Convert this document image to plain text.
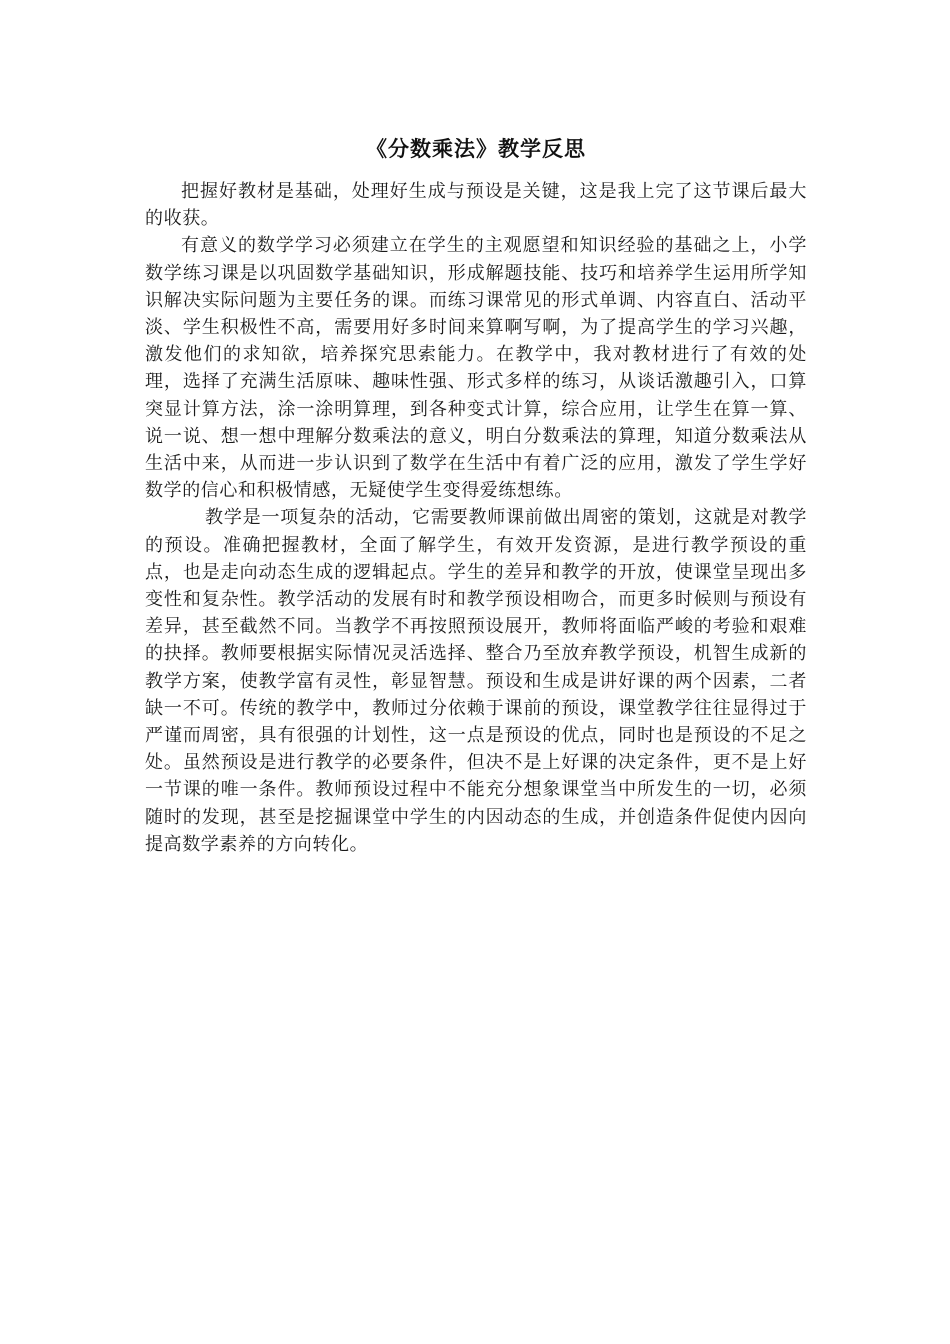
《分数乘法》教学反思

把握好教材是基础，处理好生成与预设是关键，这是我上完了这节课后最大的收获。

有意义的数学学习必须建立在学生的主观愿望和知识经验的基础之上，小学数学练习课是以巩固数学基础知识，形成解题技能、技巧和培养学生运用所学知识解决实际问题为主要任务的课。而练习课常见的形式单调、内容直白、活动平淡、学生积极性不高，需要用好多时间来算啊写啊，为了提高学生的学习兴趣，激发他们的求知欲，培养探究思索能力。在教学中，我对教材进行了有效的处理，选择了充满生活原味、趣味性强、形式多样的练习，从谈话激趣引入，口算突显计算方法，涂一涂明算理，到各种变式计算，综合应用，让学生在算一算、说一说、想一想中理解分数乘法的意义，明白分数乘法的算理，知道分数乘法从生活中来，从而进一步认识到了数学在生活中有着广泛的应用，激发了学生学好数学的信心和积极情感，无疑使学生变得爱练想练。

教学是一项复杂的活动，它需要教师课前做出周密的策划，这就是对教学的预设。准确把握教材，全面了解学生，有效开发资源，是进行教学预设的重点，也是走向动态生成的逻辑起点。学生的差异和教学的开放，使课堂呈现出多变性和复杂性。教学活动的发展有时和教学预设相吻合，而更多时候则与预设有差异，甚至截然不同。当教学不再按照预设展开，教师将面临严峻的考验和艰难的抉择。教师要根据实际情况灵活选择、整合乃至放弃教学预设，机智生成新的教学方案，使教学富有灵性，彰显智慧。预设和生成是讲好课的两个因素，二者缺一不可。传统的教学中，教师过分依赖于课前的预设，课堂教学往往显得过于严谨而周密，具有很强的计划性，这一点是预设的优点，同时也是预设的不足之处。虽然预设是进行教学的必要条件，但决不是上好课的决定条件，更不是上好一节课的唯一条件。教师预设过程中不能充分想象课堂当中所发生的一切，必须随时的发现，甚至是挖掘课堂中学生的内因动态的生成，并创造条件促使内因向提高数学素养的方向转化。
